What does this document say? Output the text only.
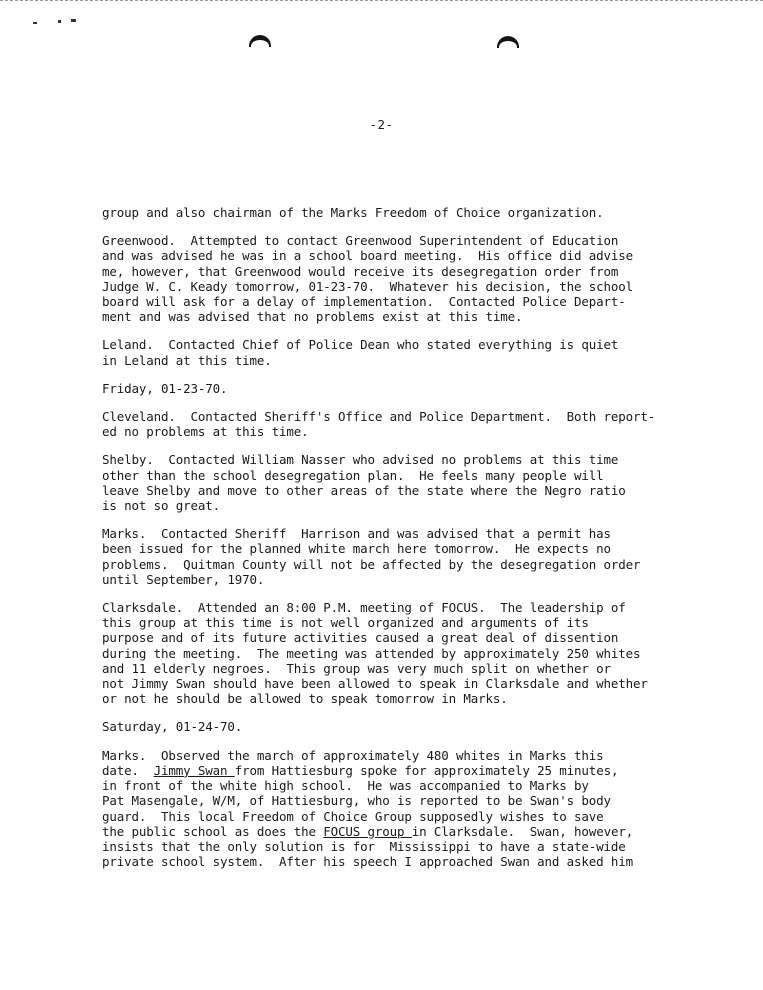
-2-
group and also chairman of the Marks Freedom of Choice organization.
Greenwood.  Attempted to contact Greenwood Superintendent of Education
and was advised he was in a school board meeting.  His office did advise
me, however, that Greenwood would receive its desegregation order from
Judge W. C. Keady tomorrow, 01-23-70.  Whatever his decision, the school
board will ask for a delay of implementation.  Contacted Police Depart-
ment and was advised that no problems exist at this time.
Leland.  Contacted Chief of Police Dean who stated everything is quiet
in Leland at this time.
Friday, 01-23-70.
Cleveland.  Contacted Sheriff's Office and Police Department.  Both report-
ed no problems at this time.
Shelby.  Contacted William Nasser who advised no problems at this time
other than the school desegregation plan.  He feels many people will
leave Shelby and move to other areas of the state where the Negro ratio
is not so great.
Marks.  Contacted Sheriff  Harrison and was advised that a permit has
been issued for the planned white march here tomorrow.  He expects no
problems.  Quitman County will not be affected by the desegregation order
until September, 1970.
Clarksdale.  Attended an 8:00 P.M. meeting of FOCUS.  The leadership of
this group at this time is not well organized and arguments of its
purpose and of its future activities caused a great deal of dissention
during the meeting.  The meeting was attended by approximately 250 whites
and 11 elderly negroes.  This group was very much split on whether or
not Jimmy Swan should have been allowed to speak in Clarksdale and whether
or not he should be allowed to speak tomorrow in Marks.
Saturday, 01-24-70.
Marks.  Observed the march of approximately 480 whites in Marks this
date.  Jimmy Swan from Hattiesburg spoke for approximately 25 minutes,
in front of the white high school.  He was accompanied to Marks by
Pat Masengale, W/M, of Hattiesburg, who is reported to be Swan's body
guard.  This local Freedom of Choice Group supposedly wishes to save
the public school as does the FOCUS group in Clarksdale.  Swan, however,
insists that the only solution is for  Mississippi to have a state-wide
private school system.  After his speech I approached Swan and asked him
